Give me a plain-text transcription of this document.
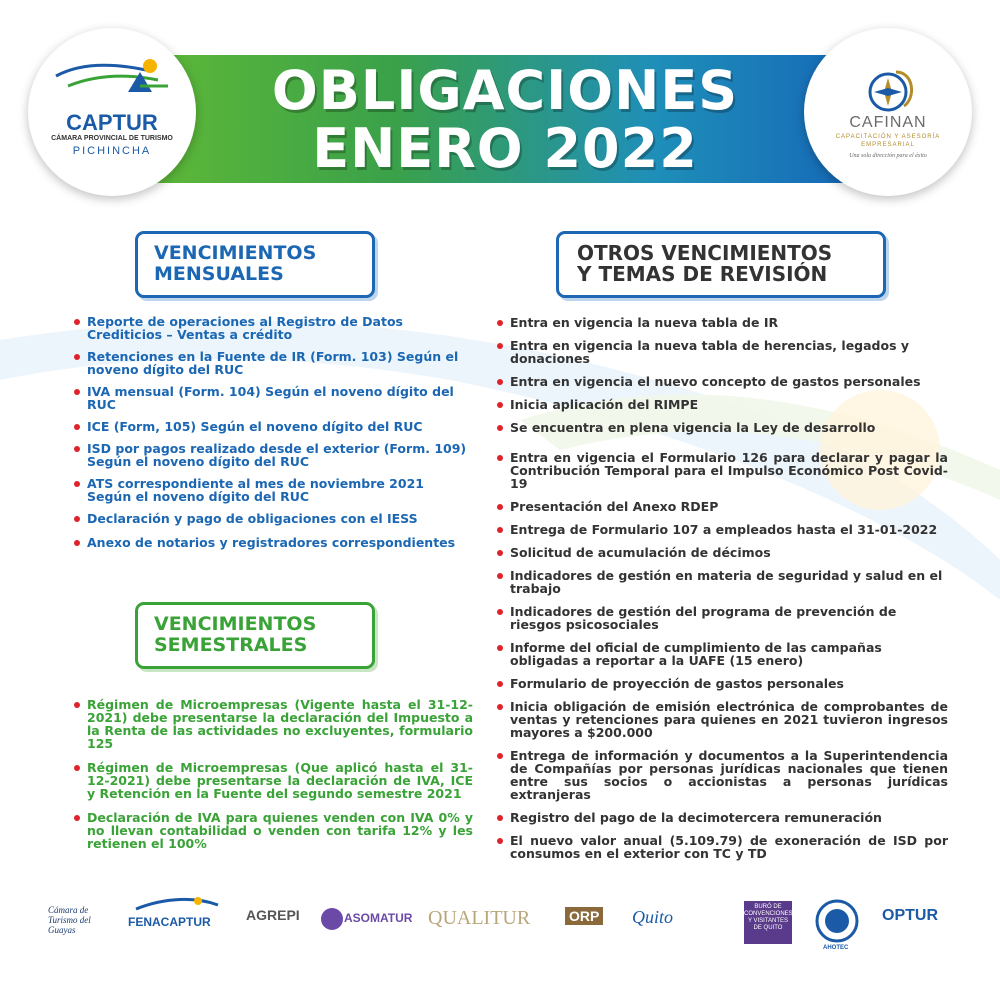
OBLIGACIONES
ENERO 2022
CAPTUR
CÁMARA PROVINCIAL DE TURISMO
PICHINCHA
CAFINAN
CAPACITACIÓN Y ASESORÍA
EMPRESARIAL
Una sola dirección para el éxito
VENCIMIENTOS
MENSUALES
OTROS VENCIMIENTOS
Y TEMAS DE REVISIÓN
VENCIMIENTOS
SEMESTRALES
Reporte de operaciones al Registro de Datos Crediticios – Ventas a crédito
Retenciones en la Fuente de IR (Form. 103) Según el noveno dígito del RUC
IVA mensual (Form. 104) Según el noveno dígito del RUC
ICE (Form, 105) Según el noveno dígito del RUC
ISD por pagos realizado desde el exterior (Form. 109) Según el noveno dígito del RUC
ATS correspondiente al mes de noviembre 2021 Según el noveno dígito del RUC
Declaración y pago de obligaciones con el IESS
Anexo de notarios y registradores correspondientes
Régimen de Microempresas (Vigente hasta el 31-12-2021) debe presentarse la declaración del Impuesto a la Renta de las actividades no excluyentes, formulario 125
Régimen de Microempresas (Que aplicó hasta el 31-12-2021) debe presentarse la declaración de IVA, ICE y Retención en la Fuente del segundo semestre 2021
Declaración de IVA para quienes venden con IVA 0% y no llevan contabilidad o venden con tarifa 12% y les retienen el 100%
Entra en vigencia la nueva tabla de IR
Entra en vigencia la nueva tabla de herencias, legados y donaciones
Entra en vigencia el nuevo concepto de gastos personales
Inicia aplicación del RIMPE
Se encuentra en plena vigencia la Ley de desarrollo
Entra en vigencia el Formulario 126 para declarar y pagar la Contribución Temporal para el Impulso Económico Post Covid-19
Presentación del Anexo RDEP
Entrega de Formulario 107 a empleados hasta el 31-01-2022
Solicitud de acumulación de décimos
Indicadores de gestión en materia de seguridad y salud en el trabajo
Indicadores de gestión del programa de prevención de riesgos psicosociales
Informe del oficial de cumplimiento de las campañas obligadas a reportar a la UAFE (15 enero)
Formulario de proyección de gastos personales
Inicia obligación de emisión electrónica de comprobantes de ventas y retenciones para quienes en 2021 tuvieron ingresos mayores a $200.000
Entrega de información y documentos a la Superintendencia de Compañías por personas jurídicas nacionales que tienen entre sus socios o accionistas a personas jurídicas extranjeras
Registro del pago de la decimotercera remuneración
El nuevo valor anual (5.109.79) de exoneración de ISD por consumos en el exterior con TC y TD
Cámara de Turismo del Guayas
FENACAPTUR	AGREPI	ASOMATUR QUALITUR	ORP Quito	BURÓ DE CONVENCIONES Y VISITANTES DE QUITO
AHOTEC
OPTUR
